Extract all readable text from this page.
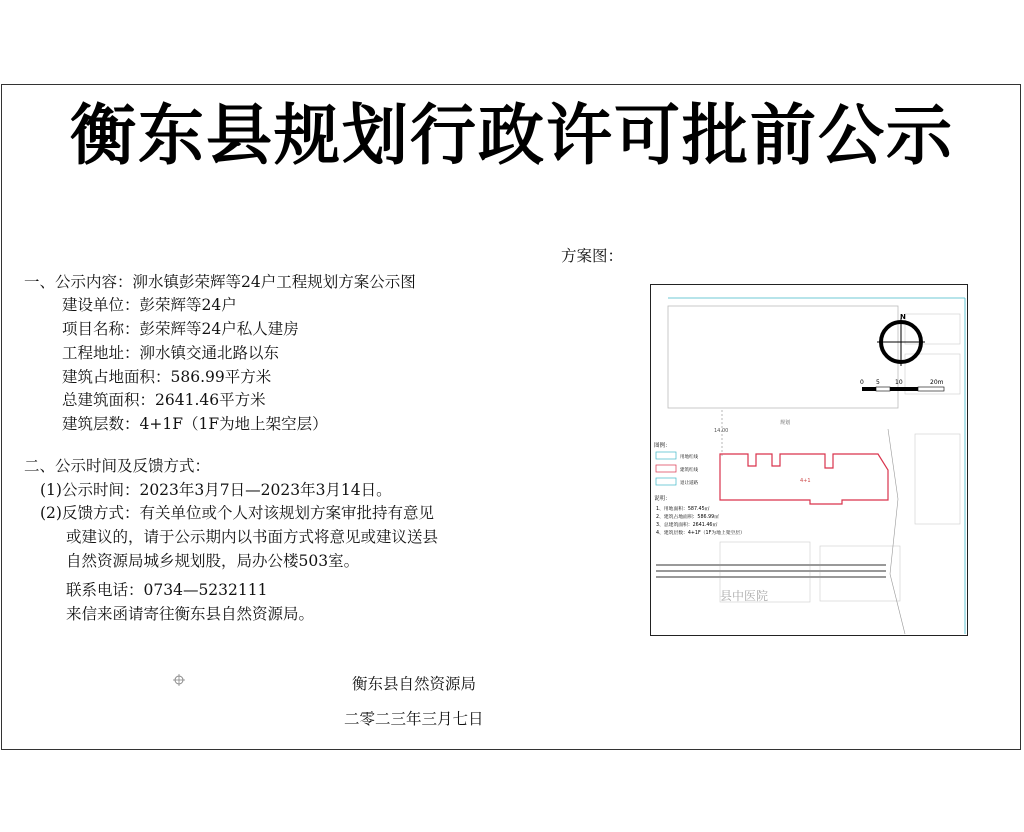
衡东县规划行政许可批前公示
一、公示内容：泖水镇彭荣辉等24户工程规划方案公示图
建设单位：彭荣辉等24户
项目名称：彭荣辉等24户私人建房
工程地址：泖水镇交通北路以东
建筑占地面积：586.99平方米
总建筑面积：2641.46平方米
建筑层数：4+1F（1F为地上架空层）
二、公示时间及反馈方式：
(1)公示时间：2023年3月7日—2023年3月14日。
(2)反馈方式：有关单位或个人对该规划方案审批持有意见
或建议的，请于公示期内以书面方式将意见或建议送县
自然资源局城乡规划股，局办公楼503室。
联系电话：0734—5232111
来信来函请寄往衡东县自然资源局。
方案图：
14.00
规划
N
0 5	10	20m
4+1
图例：
用地红线
建筑红线
退让道路
说明：
1、用地面积：587.45㎡
2、建筑占地面积：586.99㎡
3、总建筑面积：2641.46㎡
4、建筑层数：4+1F（1F为地上架空层）
县中医院
衡东县自然资源局
二零二三年三月七日
